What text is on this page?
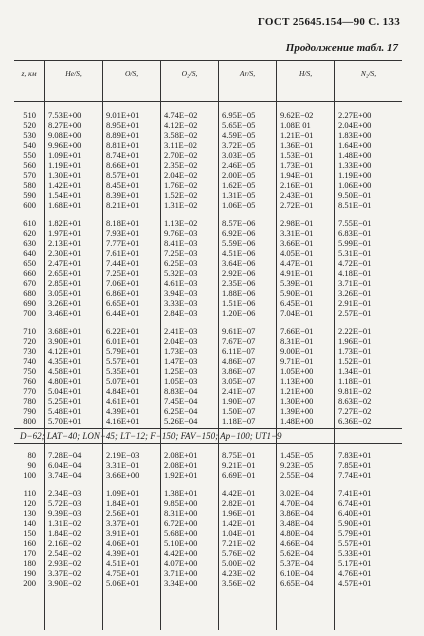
ГОСТ 25645.154—90 С. 133
Продолжение табл. 17
z, км	He/S,	O/S,	O₂/S,	Ar/S,	H/S,	N₂/S,
510	7.53E+00	9.01E+01	4.74E−02	6.95E−05	9.62E−02	2.27E+00
520	8.27E+00	8.95E+01	4.12E−02	5.65E−05	1.08E 01	2.04E+00
530	9.08E+00	8.89E+01	3.58E−02	4.59E−05	1.21E−01	1.83E+00
540	9.96E+00	8.81E+01	3.11E−02	3.72E−05	1.36E−01	1.64E+00
550	1.09E+01	8.74E+01	2.70E−02	3.03E−05	1.53E−01	1.48E+00
560	1.19E+01	8.66E+01	2.35E−02	2.46E−05	1.73E−01	1.33E+00
570	1.30E+01	8.57E+01	2.04E−02	2.00E−05	1.94E−01	1.19E+00
580	1.42E+01	8.45E+01	1.76E−02	1.62E−05	2.16E−01	1.06E+00
590	1.54E+01	8.39E+01	1.52E−02	1.31E−05	2.43E−01	9.50E−01
600	1.68E+01	8.21E+01	1.31E−02	1.06E−05	2.72E−01	8.51E−01
610	1.82E+01	8.18E+01	1.13E−02	8.57E−06	2.98E−01	7.55E−01
620	1.97E+01	7.93E+01	9.76E−03	6.92E−06	3.31E−01	6.83E−01
630	2.13E+01	7.77E+01	8.41E−03	5.59E−06	3.66E−01	5.99E−01
640	2.30E+01	7.61E+01	7.25E−03	4.51E−06	4.05E−01	5.31E−01
650	2.47E+01	7.44E+01	6.25E−03	3.64E−06	4.47E−01	4.72E−01
660	2.65E+01	7.25E+01	5.32E−03	2.92E−06	4.91E−01	4.18E−01
670	2.85E+01	7.06E+01	4.61E−03	2.35E−06	5.39E−01	3.71E−01
680	3.05E+01	6.86E+01	3.94E−03	1.88E−06	5.90E−01	3.26E−01
690	3.26E+01	6.65E+01	3.33E−03	1.51E−06	6.45E−01	2.91E−01
700	3.46E+01	6.44E+01	2.84E−03	1.20E−06	7.04E−01	2.57E−01
710	3.68E+01	6.22E+01	2.41E−03	9.61E−07	7.66E−01	2.22E−01
720	3.90E+01	6.01E+01	2.04E−03	7.67E−07	8.31E−01	1.96E−01
730	4.12E+01	5.79E+01	1.73E−03	6.11E−07	9.00E−01	1.73E−01
740	4.35E+01	5.57E+01	1.47E−03	4.86E−07	9.71E−01	1.52E−01
750	4.58E+01	5.35E+01	1.25E−03	3.86E−07	1.05E+00	1.34E−01
760	4.80E+01	5.07E+01	1.05E−03	3.05E−07	1.13E+00	1.18E−01
770	5.04E+01	4.84E+01	8.83E−04	2.41E−07	1.21E+00	9.81E−02
780	5.25E+01	4.61E+01	7.45E−04	1.90E−07	1.30E+00	8.63E−02
790	5.48E+01	4.39E+01	6.25E−04	1.50E−07	1.39E+00	7.27E−02
800	5.70E+01	4.16E+01	5.26E−04	1.18E−07	1.48E+00	6.36E−02
D−62; LAT−40; LON−45; LT−12; F−150; FAV−150; Ap−100; UT1−9
80	7.28E−04	2.19E−03	2.08E+01	8.75E−01	1.45E−05	7.83E+01
90	6.04E−04	3.31E−01	2.08E+01	9.21E−01	9.23E−05	7.85E+01
100	3.74E−04	3.66E+00	1.92E+01	6.69E−01	2.55E−04	7.74E+01
110	2.34E−03	1.09E+01	1.38E+01	4.42E−01	3.02E−04	7.41E+01
120	5.72E−03	1.84E+01	9.85E+00	2.82E−01	4.70E−04	6.74E+01
130	9.39E−03	2.56E+01	8.31E+00	1.96E−01	3.86E−04	6.40E+01
140	1.31E−02	3.37E+01	6.72E+00	1.42E−01	3.48E−04	5.90E+01
150	1.84E−02	3.91E+01	5.68E+00	1.04E−01	4.80E−04	5.79E+01
160	2.16E−02	4.06E+01	5.10E+00	7.21E−02	4.66E−04	5.57E+01
170	2.54E−02	4.39E+01	4.42E+00	5.76E−02	5.62E−04	5.33E+01
180	2.93E−02	4.51E+01	4.07E+00	5.00E−02	5.37E−04	5.17E+01
190	3.37E−02	4.75E+01	3.71E+00	4.23E−02	6.10E−04	4.76E+01
200	3.90E−02	5.06E+01	3.34E+00	3.56E−02	6.65E−04	4.57E+01
